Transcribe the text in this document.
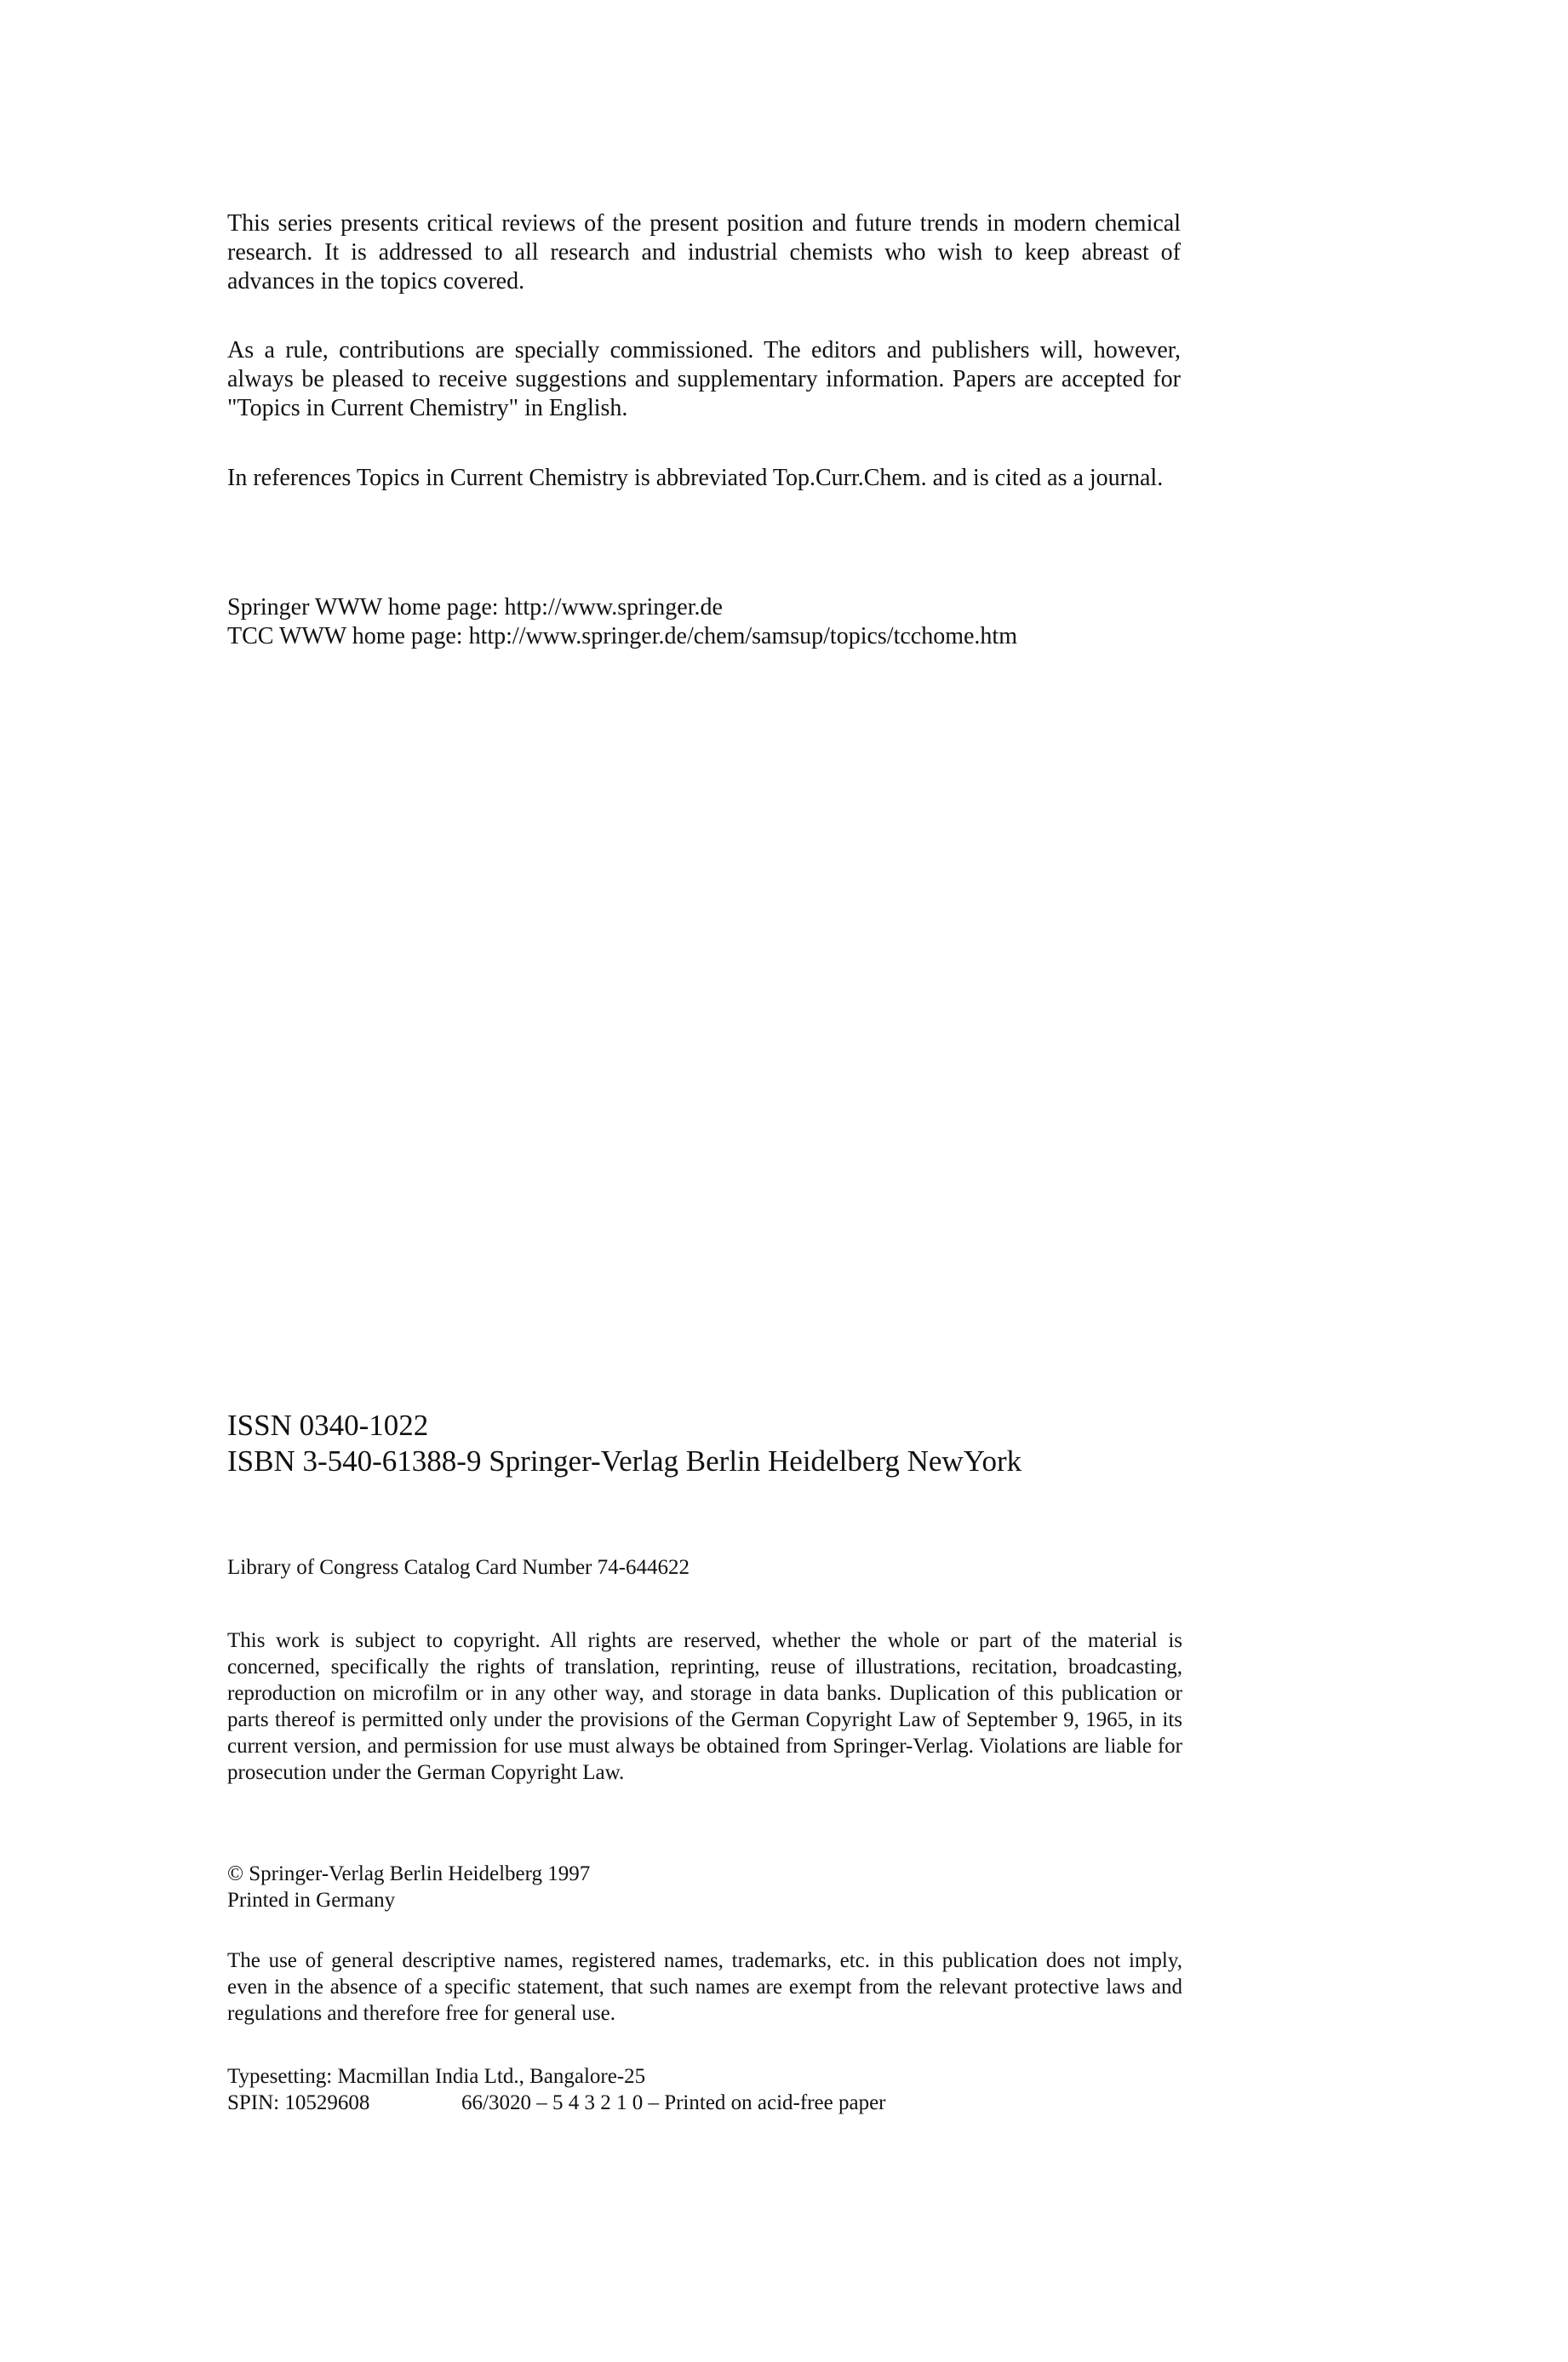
This series presents critical reviews of the present position and future trends in modern chemical research. It is addressed to all research and industrial chemists who wish to keep abreast of advances in the topics covered.

As a rule, contributions are specially commissioned. The editors and publishers will, however, always be pleased to receive suggestions and supplementary information. Papers are accepted for "Topics in Current Chemistry" in English.

In references Topics in Current Chemistry is abbreviated Top.Curr.Chem. and is cited as a journal.

Springer WWW home page: http://www.springer.de
TCC WWW home page: http://www.springer.de/chem/samsup/topics/tcchome.htm
ISSN 0340-1022
ISBN 3-540-61388-9 Springer-Verlag Berlin Heidelberg NewYork
Library of Congress Catalog Card Number 74-644622

This work is subject to copyright. All rights are reserved, whether the whole or part of the material is concerned, specifically the rights of translation, reprinting, reuse of illustrations, recitation, broadcasting, reproduction on microfilm or in any other way, and storage in data banks. Duplication of this publication or parts thereof is permitted only under the provisions of the German Copyright Law of September 9, 1965, in its current version, and permission for use must always be obtained from Springer-Verlag. Violations are liable for prosecution under the German Copyright Law.

© Springer-Verlag Berlin Heidelberg 1997
Printed in Germany

The use of general descriptive names, registered names, trademarks, etc. in this publication does not imply, even in the absence of a specific statement, that such names are exempt from the relevant protective laws and regulations and therefore free for general use.

Typesetting: Macmillan India Ltd., Bangalore-25
SPIN: 10529608	66/3020 – 5 4 3 2 1 0 – Printed on acid-free paper
